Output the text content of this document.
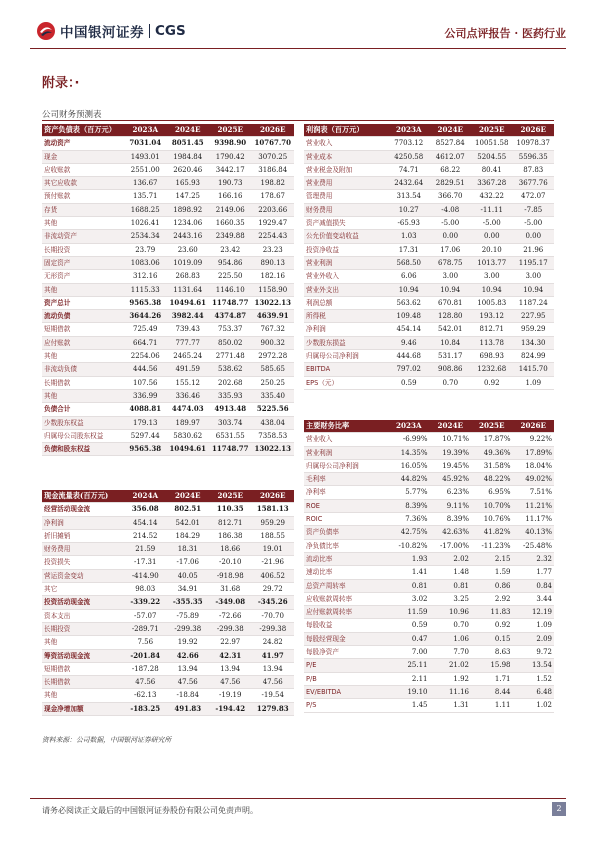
中国银河证券 CGS	公司点评报告 · 医药行业
附录：·
公司财务预测表
资产负债表（百万元）	2023A	2024E	2025E	2026E
流动资产	7031.04	8051.45	9398.90	10767.70
现金	1493.01	1984.84	1790.42	3070.25
应收账款	2551.00	2620.46	3442.17	3186.84
其它应收款	136.67	165.93	190.73	198.82
预付账款	135.71	147.25	166.16	178.67
存货	1688.25	1898.92	2149.06	2203.66
其他	1026.41	1234.06	1660.35	1929.47
非流动资产	2534.34	2443.16	2349.88	2254.43
长期投资	23.79	23.60	23.42	23.23
固定资产	1083.06	1019.09	954.86	890.13
无形资产	312.16	268.83	225.50	182.16
其他	1115.33	1131.64	1146.10	1158.90
资产总计	9565.38	10494.61	11748.77	13022.13
流动负债	3644.26	3982.44	4374.87	4639.91
短期借款	725.49	739.43	753.37	767.32
应付账款	664.71	777.77	850.02	900.32
其他	2254.06	2465.24	2771.48	2972.28
非流动负债	444.56	491.59	538.62	585.65
长期借款	107.56	155.12	202.68	250.25
其他	336.99	336.46	335.93	335.40
负债合计	4088.81	4474.03	4913.48	5225.56
少数股东权益	179.13	189.97	303.74	438.04
归属母公司股东权益	5297.44	5830.62	6531.55	7358.53
负债和股东权益	9565.38	10494.61	11748.77	13022.13
利润表（百万元）	2023A	2024E	2025E	2026E
营业收入	7703.12	8527.84	10051.58	10978.37
营业成本	4250.58	4612.07	5204.55	5596.35
营业税金及附加	74.71	68.22	80.41	87.83
营业费用	2432.64	2829.51	3367.28	3677.76
管理费用	313.54	366.70	432.22	472.07
财务费用	10.27	-4.08	-11.11	-7.85
资产减值损失	-65.93	-5.00	-5.00	-5.00
公允价值变动收益	1.03	0.00	0.00	0.00
投资净收益	17.31	17.06	20.10	21.96
营业利润	568.50	678.75	1013.77	1195.17
营业外收入	6.06	3.00	3.00	3.00
营业外支出	10.94	10.94	10.94	10.94
利润总额	563.62	670.81	1005.83	1187.24
所得税	109.48	128.80	193.12	227.95
净利润	454.14	542.01	812.71	959.29
少数股东损益	9.46	10.84	113.78	134.30
归属母公司净利润	444.68	531.17	698.93	824.99
EBITDA	797.02	908.86	1232.68	1415.70
EPS（元）	0.59	0.70	0.92	1.09
现金流量表(百万元)	2024A	2024E	2025E	2026E
经营活动现金流	356.08	802.51	110.35	1581.13
净利润	454.14	542.01	812.71	959.29
折旧摊销	214.52	184.29	186.38	188.55
财务费用	21.59	18.31	18.66	19.01
投资损失	-17.31	-17.06	-20.10	-21.96
营运资金变动	-414.90	40.05	-918.98	406.52
其它	98.03	34.91	31.68	29.72
投资活动现金流	-339.22	-355.35	-349.08	-345.26
资本支出	-57.07	-75.89	-72.66	-70.70
长期投资	-289.71	-299.38	-299.38	-299.38
其他	7.56	19.92	22.97	24.82
筹资活动现金流	-201.84	42.66	42.31	41.97
短期借款	-187.28	13.94	13.94	13.94
长期借款	47.56	47.56	47.56	47.56
其他	-62.13	-18.84	-19.19	-19.54
现金净增加额	-183.25	491.83	-194.42	1279.83
主要财务比率	2023A	2024E	2025E	2026E
营业收入	-6.99%	10.71%	17.87%	9.22%
营业利润	14.35%	19.39%	49.36%	17.89%
归属母公司净利润	16.05%	19.45%	31.58%	18.04%
毛利率	44.82%	45.92%	48.22%	49.02%
净利率	5.77%	6.23%	6.95%	7.51%
ROE	8.39%	9.11%	10.70%	11.21%
ROIC	7.36%	8.39%	10.76%	11.17%
资产负债率	42.75%	42.63%	41.82%	40.13%
净负债比率	-10.82%	-17.00%	-11.23%	-25.48%
流动比率	1.93	2.02	2.15	2.32
速动比率	1.41	1.48	1.59	1.77
总资产周转率	0.81	0.81	0.86	0.84
应收账款周转率	3.02	3.25	2.92	3.44
应付账款周转率	11.59	10.96	11.83	12.19
每股收益	0.59	0.70	0.92	1.09
每股经营现金	0.47	1.06	0.15	2.09
每股净资产	7.00	7.70	8.63	9.72
P/E	25.11	21.02	15.98	13.54
P/B	2.11	1.92	1.71	1.52
EV/EBITDA	19.10	11.16	8.44	6.48
P/S	1.45	1.31	1.11	1.02
资料来源：公司数据，中国银河证券研究所
请务必阅读正文最后的中国银河证券股份有限公司免责声明。	2
